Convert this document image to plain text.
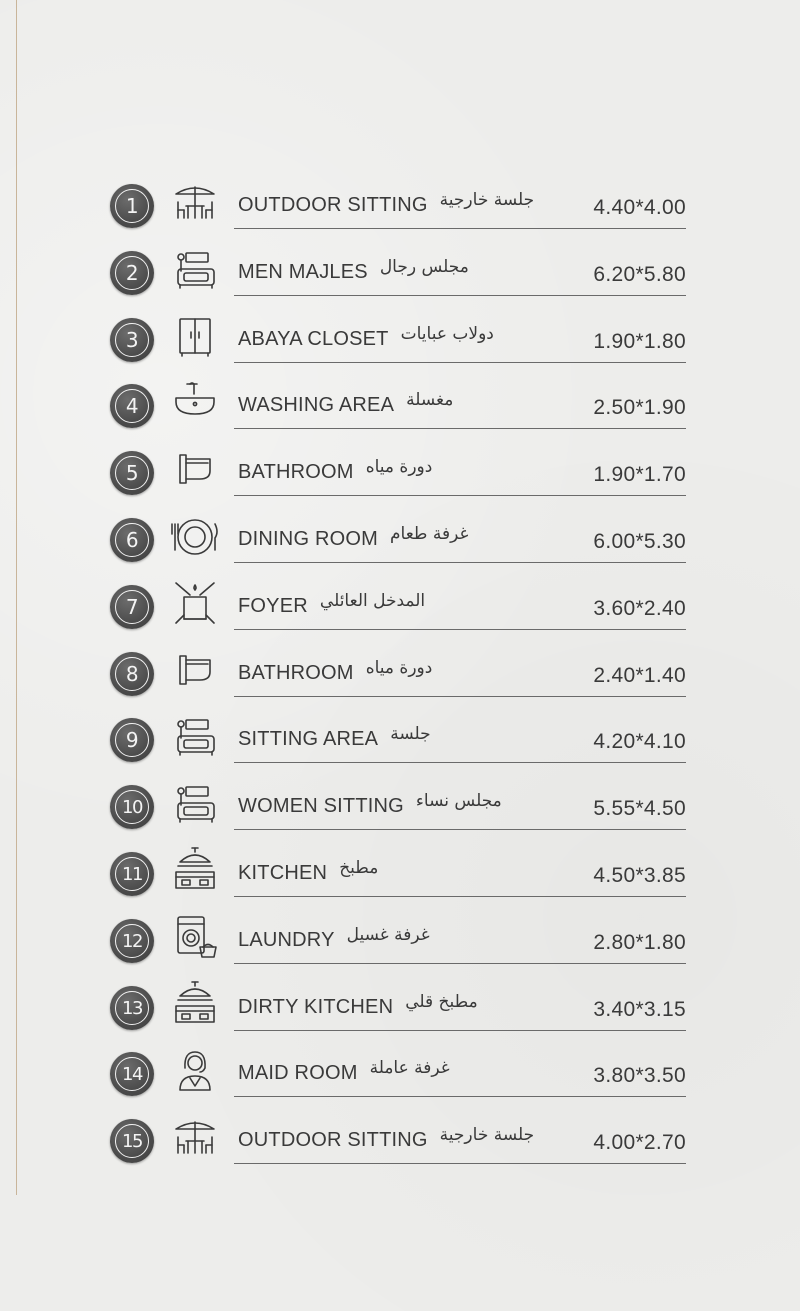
1	OUTDOOR SITTING $^{جلسة خارجية}$	4.40*4.00
2	MEN MAJLES $^{مجلس رجال}$	6.20*5.80
3	ABAYA CLOSET $^{دولاب عبايات}$	1.90*1.80
4	WASHING AREA $^{مغسلة}$	2.50*1.90
5	BATHROOM $^{دورة مياه}$	1.90*1.70
6	DINING ROOM $^{غرفة طعام}$	6.00*5.30
7	FOYER $^{المدخل العائلي}$	3.60*2.40
8	BATHROOM $^{دورة مياه}$	2.40*1.40
9	SITTING AREA $^{جلسة}$	4.20*4.10
10	WOMEN SITTING $^{مجلس نساء}$	5.55*4.50
11	KITCHEN $^{مطبخ}$	4.50*3.85
12	LAUNDRY $^{غرفة غسيل}$	2.80*1.80
13	DIRTY KITCHEN $^{مطبخ قلي}$	3.40*3.15
14	MAID ROOM $^{غرفة عاملة}$	3.80*3.50
15	OUTDOOR SITTING $^{جلسة خارجية}$	4.00*2.70
